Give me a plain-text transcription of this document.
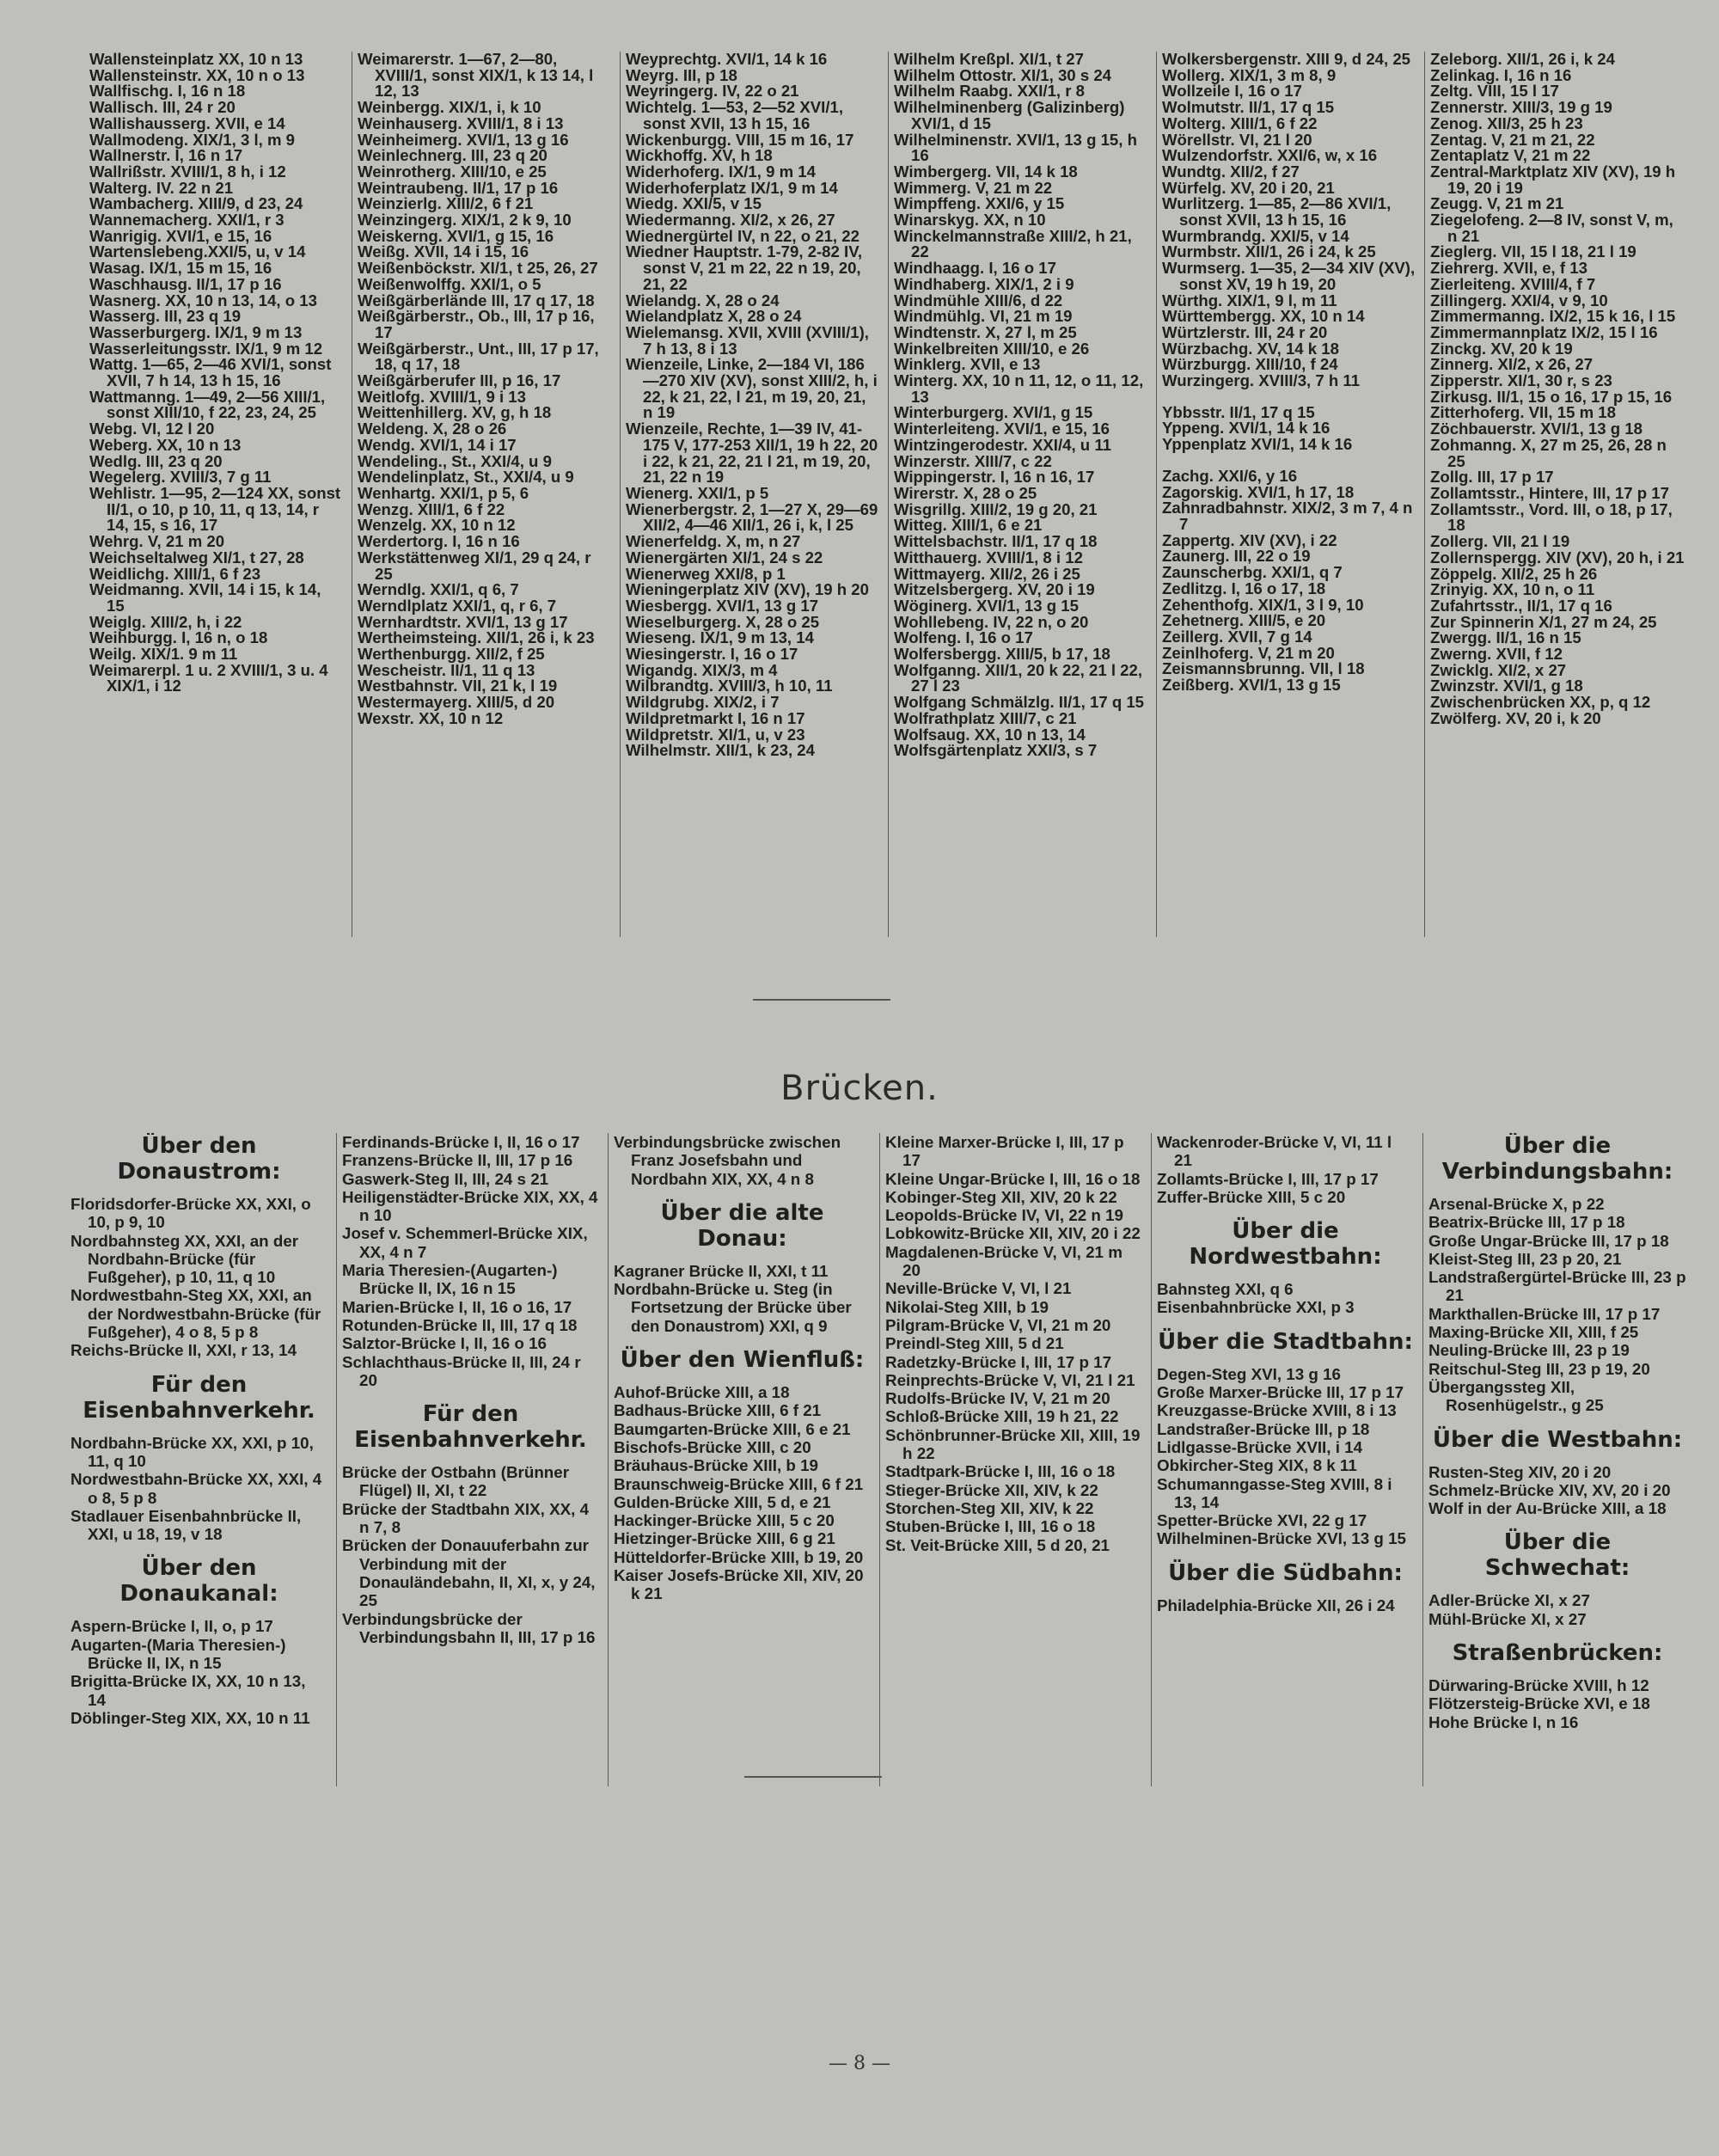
Wallensteinplatz XX, 10 n 13
Wallensteinstr. XX, 10 n o 13
Wallfischg. I, 16 n 18
Wallisch. III, 24 r 20
Wallishausserg. XVII, e 14
Wallmodeng. XIX/1, 3 l, m 9
Wallnerstr. I, 16 n 17
Wallrißstr. XVIII/1, 8 h, i 12
Walterg. IV. 22 n 21
Wambacherg. XIII/9, d 23, 24
Wannemacherg. XXI/1, r 3
Wanrigig. XVI/1, e 15, 16
Wartenslebeng.XXI/5, u, v 14
Wasag. IX/1, 15 m 15, 16
Waschhausg. II/1, 17 p 16
Wasnerg. XX, 10 n 13, 14, o 13
Wasserg. III, 23 q 19
Wasserburgerg. IX/1, 9 m 13
Wasserleitungsstr. IX/1, 9 m 12
Wattg. 1—65, 2—46 XVI/1, sonst XVII, 7 h 14, 13 h 15, 16
Wattmanng. 1—49, 2—56 XIII/1, sonst XIII/10, f 22, 23, 24, 25
Webg. VI, 12 l 20
Weberg. XX, 10 n 13
Wedlg. III, 23 q 20
Wegelerg. XVIII/3, 7 g 11
Wehlistr. 1—95, 2—124 XX, sonst II/1, o 10, p 10, 11, q 13, 14, r 14, 15, s 16, 17
Wehrg. V, 21 m 20
Weichseltalweg XI/1, t 27, 28
Weidlichg. XIII/1, 6 f 23
Weidmanng. XVII, 14 i 15, k 14, 15
Weiglg. XIII/2, h, i 22
Weihburgg. I, 16 n, o 18
Weilg. XIX/1. 9 m 11
Weimarerpl. 1 u. 2 XVIII/1, 3 u. 4 XIX/1, i 12
Weimarerstr. 1—67, 2—80, XVIII/1, sonst XIX/1, k 13 14, l 12, 13
Weinbergg. XIX/1, i, k 10
Weinhauserg. XVIII/1, 8 i 13
Weinheimerg. XVI/1, 13 g 16
Weinlechnerg. III, 23 q 20
Weinrotherg. XIII/10, e 25
Weintraubeng. II/1, 17 p 16
Weinzierlg. XIII/2, 6 f 21
Weinzingerg. XIX/1, 2 k 9, 10
Weiskerng. XVI/1, g 15, 16
Weißg. XVII, 14 i 15, 16
Weißenböckstr. XI/1, t 25, 26, 27
Weißenwolffg. XXI/1, o 5
Weißgärberlände III, 17 q 17, 18
Weißgärberstr., Ob., III, 17 p 16, 17
Weißgärberstr., Unt., III, 17 p 17, 18, q 17, 18
Weißgärberufer III, p 16, 17
Weitlofg. XVIII/1, 9 i 13
Weittenhillerg. XV, g, h 18
Weldeng. X, 28 o 26
Wendg. XVI/1, 14 i 17
Wendeling., St., XXI/4, u 9
Wendelinplatz, St., XXI/4, u 9
Wenhartg. XXI/1, p 5, 6
Wenzg. XIII/1, 6 f 22
Wenzelg. XX, 10 n 12
Werdertorg. I, 16 n 16
Werkstättenweg XI/1, 29 q 24, r 25
Werndlg. XXI/1, q 6, 7
Werndlplatz XXI/1, q, r 6, 7
Wernhardtstr. XVI/1, 13 g 17
Wertheimsteing. XII/1, 26 i, k 23
Werthenburgg. XII/2, f 25
Wescheistr. II/1, 11 q 13
Westbahnstr. VII, 21 k, l 19
Westermayerg. XIII/5, d 20
Wexstr. XX, 10 n 12
Weyprechtg. XVI/1, 14 k 16
Weyrg. III, p 18
Weyringerg. IV, 22 o 21
Wichtelg. 1—53, 2—52 XVI/1, sonst XVII, 13 h 15, 16
Wickenburgg. VIII, 15 m 16, 17
Wickhoffg. XV, h 18
Widerhoferg. IX/1, 9 m 14
Widerhoferplatz IX/1, 9 m 14
Wiedg. XXI/5, v 15
Wiedermanng. XI/2, x 26, 27
Wiednergürtel IV, n 22, o 21, 22
Wiedner Hauptstr. 1-79, 2-82 IV, sonst V, 21 m 22, 22 n 19, 20, 21, 22
Wielandg. X, 28 o 24
Wielandplatz X, 28 o 24
Wielemansg. XVII, XVIII (XVIII/1), 7 h 13, 8 i 13
Wienzeile, Linke, 2—184 VI, 186—270 XIV (XV), sonst XIII/2, h, i 22, k 21, 22, l 21, m 19, 20, 21, n 19
Wienzeile, Rechte, 1—39 IV, 41-175 V, 177-253 XII/1, 19 h 22, 20 i 22, k 21, 22, 21 l 21, m 19, 20, 21, 22 n 19
Wienerg. XXI/1, p 5
Wienerbergstr. 2, 1—27 X, 29—69 XII/2, 4—46 XII/1, 26 i, k, l 25
Wienerfeldg. X, m, n 27
Wienergärten XI/1, 24 s 22
Wienerweg XXI/8, p 1
Wieningerplatz XIV (XV), 19 h 20
Wiesbergg. XVI/1, 13 g 17
Wieselburgerg. X, 28 o 25
Wieseng. IX/1, 9 m 13, 14
Wiesingerstr. I, 16 o 17
Wigandg. XIX/3, m 4
Wilbrandtg. XVIII/3, h 10, 11
Wildgrubg. XIX/2, i 7
Wildpretmarkt I, 16 n 17
Wildpretstr. XI/1, u, v 23
Wilhelmstr. XII/1, k 23, 24
Wilhelm Kreßpl. XI/1, t 27
Wilhelm Ottostr. XI/1, 30 s 24
Wilhelm Raabg. XXI/1, r 8
Wilhelminenberg (Galizinberg) XVI/1, d 15
Wilhelminenstr. XVI/1, 13 g 15, h 16
Wimbergerg. VII, 14 k 18
Wimmerg. V, 21 m 22
Wimpffeng. XXI/6, y 15
Winarskyg. XX, n 10
Winckelmannstraße XIII/2, h 21, 22
Windhaagg. I, 16 o 17
Windhaberg. XIX/1, 2 i 9
Windmühle XIII/6, d 22
Windmühlg. VI, 21 m 19
Windtenstr. X, 27 l, m 25
Winkelbreiten XIII/10, e 26
Winklerg. XVII, e 13
Winterg. XX, 10 n 11, 12, o 11, 12, 13
Winterburgerg. XVI/1, g 15
Winterleiteng. XVI/1, e 15, 16
Wintzingerodestr. XXI/4, u 11
Winzerstr. XIII/7, c 22
Wippingerstr. I, 16 n 16, 17
Wirerstr. X, 28 o 25
Wisgrillg. XIII/2, 19 g 20, 21
Witteg. XIII/1, 6 e 21
Wittelsbachstr. II/1, 17 q 18
Witthauerg. XVIII/1, 8 i 12
Wittmayerg. XII/2, 26 i 25
Witzelsbergerg. XV, 20 i 19
Wöginerg. XVI/1, 13 g 15
Wohllebeng. IV, 22 n, o 20
Wolfeng. I, 16 o 17
Wolfersbergg. XIII/5, b 17, 18
Wolfganng. XII/1, 20 k 22, 21 l 22, 27 l 23
Wolfgang Schmälzlg. II/1, 17 q 15
Wolfrathplatz XIII/7, c 21
Wolfsaug. XX, 10 n 13, 14
Wolfsgärtenplatz XXI/3, s 7
Wolkersbergenstr. XIII 9, d 24, 25
Wollerg. XIX/1, 3 m 8, 9
Wollzeile I, 16 o 17
Wolmutstr. II/1, 17 q 15
Wolterg. XIII/1, 6 f 22
Wörellstr. VI, 21 l 20
Wulzendorfstr. XXI/6, w, x 16
Wundtg. XII/2, f 27
Würfelg. XV, 20 i 20, 21
Wurlitzerg. 1—85, 2—86 XVI/1, sonst XVII, 13 h 15, 16
Wurmbrandg. XXI/5, v 14
Wurmbstr. XII/1, 26 i 24, k 25
Wurmserg. 1—35, 2—34 XIV (XV), sonst XV, 19 h 19, 20
Würthg. XIX/1, 9 l, m 11
Württembergg. XX, 10 n 14
Würtzlerstr. III, 24 r 20
Würzbachg. XV, 14 k 18
Würzburgg. XIII/10, f 24
Wurzingerg. XVIII/3, 7 h 11
Ybbsstr. II/1, 17 q 15
Yppeng. XVI/1, 14 k 16
Yppenplatz XVI/1, 14 k 16
Zachg. XXI/6, y 16
Zagorskig. XVI/1, h 17, 18
Zahnradbahnstr. XIX/2, 3 m 7, 4 n 7
Zappertg. XIV (XV), i 22
Zaunerg. III, 22 o 19
Zaunscherbg. XXI/1, q 7
Zedlitzg. I, 16 o 17, 18
Zehenthofg. XIX/1, 3 l 9, 10
Zehetnerg. XIII/5, e 20
Zeillerg. XVII, 7 g 14
Zeinlhoferg. V, 21 m 20
Zeismannsbrunng. VII, l 18
Zeißberg. XVI/1, 13 g 15
Zeleborg. XII/1, 26 i, k 24
Zelinkag. I, 16 n 16
Zeltg. VIII, 15 l 17
Zennerstr. XIII/3, 19 g 19
Zenog. XII/3, 25 h 23
Zentag. V, 21 m 21, 22
Zentaplatz V, 21 m 22
Zentral-Marktplatz XIV (XV), 19 h 19, 20 i 19
Zeugg. V, 21 m 21
Ziegelofeng. 2—8 IV, sonst V, m, n 21
Zieglerg. VII, 15 l 18, 21 l 19
Ziehrerg. XVII, e, f 13
Zierleiteng. XVIII/4, f 7
Zillingerg. XXI/4, v 9, 10
Zimmermanng. IX/2, 15 k 16, l 15
Zimmermannplatz IX/2, 15 l 16
Zinckg. XV, 20 k 19
Zinnerg. XI/2, x 26, 27
Zipperstr. XI/1, 30 r, s 23
Zirkusg. II/1, 15 o 16, 17 p 15, 16
Zitterhoferg. VII, 15 m 18
Zöchbauerstr. XVI/1, 13 g 18
Zohmanng. X, 27 m 25, 26, 28 n 25
Zollg. III, 17 p 17
Zollamtsstr., Hintere, III, 17 p 17
Zollamtsstr., Vord. III, o 18, p 17, 18
Zollerg. VII, 21 l 19
Zollernspergg. XIV (XV), 20 h, i 21
Zöppelg. XII/2, 25 h 26
Zrinyig. XX, 10 n, o 11
Zufahrtsstr., II/1, 17 q 16
Zur Spinnerin X/1, 27 m 24, 25
Zwergg. II/1, 16 n 15
Zwerng. XVII, f 12
Zwicklg. XI/2, x 27
Zwinzstr. XVI/1, g 18
Zwischenbrücken XX, p, q 12
Zwölferg. XV, 20 i, k 20
Brücken.
Über den Donaustrom:
Floridsdorfer-Brücke XX, XXI, o 10, p 9, 10
Nordbahnsteg XX, XXI, an der Nordbahn-Brücke (für Fußgeher), p 10, 11, q 10
Nordwestbahn-Steg XX, XXI, an der Nordwestbahn-Brücke (für Fußgeher), 4 o 8, 5 p 8
Reichs-Brücke II, XXI, r 13, 14
Für den Eisenbahnverkehr.
Nordbahn-Brücke XX, XXI, p 10, 11, q 10
Nordwestbahn-Brücke XX, XXI, 4 o 8, 5 p 8
Stadlauer Eisenbahnbrücke II, XXI, u 18, 19, v 18
Über den Donaukanal:
Aspern-Brücke I, II, o, p 17
Augarten-(Maria Theresien-) Brücke II, IX, n 15
Brigitta-Brücke IX, XX, 10 n 13, 14
Döblinger-Steg XIX, XX, 10 n 11
Ferdinands-Brücke I, II, 16 o 17
Franzens-Brücke II, III, 17 p 16
Gaswerk-Steg II, III, 24 s 21
Heiligenstädter-Brücke XIX, XX, 4 n 10
Josef v. Schemmerl-Brücke XIX, XX, 4 n 7
Maria Theresien-(Augarten-) Brücke II, IX, 16 n 15
Marien-Brücke I, II, 16 o 16, 17
Rotunden-Brücke II, III, 17 q 18
Salztor-Brücke I, II, 16 o 16
Schlachthaus-Brücke II, III, 24 r 20
Für den Eisenbahnverkehr.
Brücke der Ostbahn (Brünner Flügel) II, XI, t 22
Brücke der Stadtbahn XIX, XX, 4 n 7, 8
Brücken der Donauuferbahn zur Verbindung mit der Donauländebahn, II, XI, x, y 24, 25
Verbindungsbrücke der Verbindungsbahn II, III, 17 p 16
Verbindungsbrücke zwischen Franz Josefsbahn und Nordbahn XIX, XX, 4 n 8
Über die alte Donau:
Kagraner Brücke II, XXI, t 11
Nordbahn-Brücke u. Steg (in Fortsetzung der Brücke über den Donaustrom) XXI, q 9
Über den Wienfluß:
Auhof-Brücke XIII, a 18
Badhaus-Brücke XIII, 6 f 21
Baumgarten-Brücke XIII, 6 e 21
Bischofs-Brücke XIII, c 20
Bräuhaus-Brücke XIII, b 19
Braunschweig-Brücke XIII, 6 f 21
Gulden-Brücke XIII, 5 d, e 21
Hackinger-Brücke XIII, 5 c 20
Hietzinger-Brücke XIII, 6 g 21
Hütteldorfer-Brücke XIII, b 19, 20
Kaiser Josefs-Brücke XII, XIV, 20 k 21
Kleine Marxer-Brücke I, III, 17 p 17
Kleine Ungar-Brücke I, III, 16 o 18
Kobinger-Steg XII, XIV, 20 k 22
Leopolds-Brücke IV, VI, 22 n 19
Lobkowitz-Brücke XII, XIV, 20 i 22
Magdalenen-Brücke V, VI, 21 m 20
Neville-Brücke V, VI, l 21
Nikolai-Steg XIII, b 19
Pilgram-Brücke V, VI, 21 m 20
Preindl-Steg XIII, 5 d 21
Radetzky-Brücke I, III, 17 p 17
Reinprechts-Brücke V, VI, 21 l 21
Rudolfs-Brücke IV, V, 21 m 20
Schloß-Brücke XIII, 19 h 21, 22
Schönbrunner-Brücke XII, XIII, 19 h 22
Stadtpark-Brücke I, III, 16 o 18
Stieger-Brücke XII, XIV, k 22
Storchen-Steg XII, XIV, k 22
Stuben-Brücke I, III, 16 o 18
St. Veit-Brücke XIII, 5 d 20, 21
Wackenroder-Brücke V, VI, 11 l 21
Zollamts-Brücke I, III, 17 p 17
Zuffer-Brücke XIII, 5 c 20
Über die Nordwestbahn:
Bahnsteg XXI, q 6
Eisenbahnbrücke XXI, p 3
Über die Stadtbahn:
Degen-Steg XVI, 13 g 16
Große Marxer-Brücke III, 17 p 17
Kreuzgasse-Brücke XVIII, 8 i 13
Landstraßer-Brücke III, p 18
Lidlgasse-Brücke XVII, i 14
Obkircher-Steg XIX, 8 k 11
Schumanngasse-Steg XVIII, 8 i 13, 14
Spetter-Brücke XVI, 22 g 17
Wilhelminen-Brücke XVI, 13 g 15
Über die Südbahn:
Philadelphia-Brücke XII, 26 i 24
Über die Verbindungsbahn:
Arsenal-Brücke X, p 22
Beatrix-Brücke III, 17 p 18
Große Ungar-Brücke III, 17 p 18
Kleist-Steg III, 23 p 20, 21
Landstraßergürtel-Brücke III, 23 p 21
Markthallen-Brücke III, 17 p 17
Maxing-Brücke XII, XIII, f 25
Neuling-Brücke III, 23 p 19
Reitschul-Steg III, 23 p 19, 20
Übergangssteg XII, Rosenhügelstr., g 25
Über die Westbahn:
Rusten-Steg XIV, 20 i 20
Schmelz-Brücke XIV, XV, 20 i 20
Wolf in der Au-Brücke XIII, a 18
Über die Schwechat:
Adler-Brücke XI, x 27
Mühl-Brücke XI, x 27
Straßenbrücken:
Dürwaring-Brücke XVIII, h 12
Flötzersteig-Brücke XVI, e 18
Hohe Brücke I, n 16
— 8 —
